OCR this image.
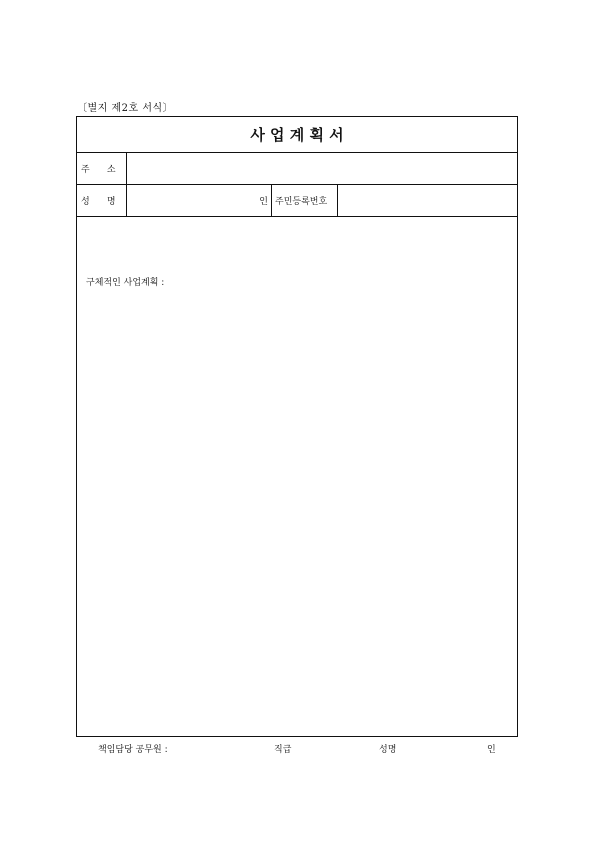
〔별지 제2호 서식〕
사 업 계 획 서
주      소
성      명	인 주민등록번호
구체적인 사업계획 :
책임담당 공무원 :	직급	성명	인
